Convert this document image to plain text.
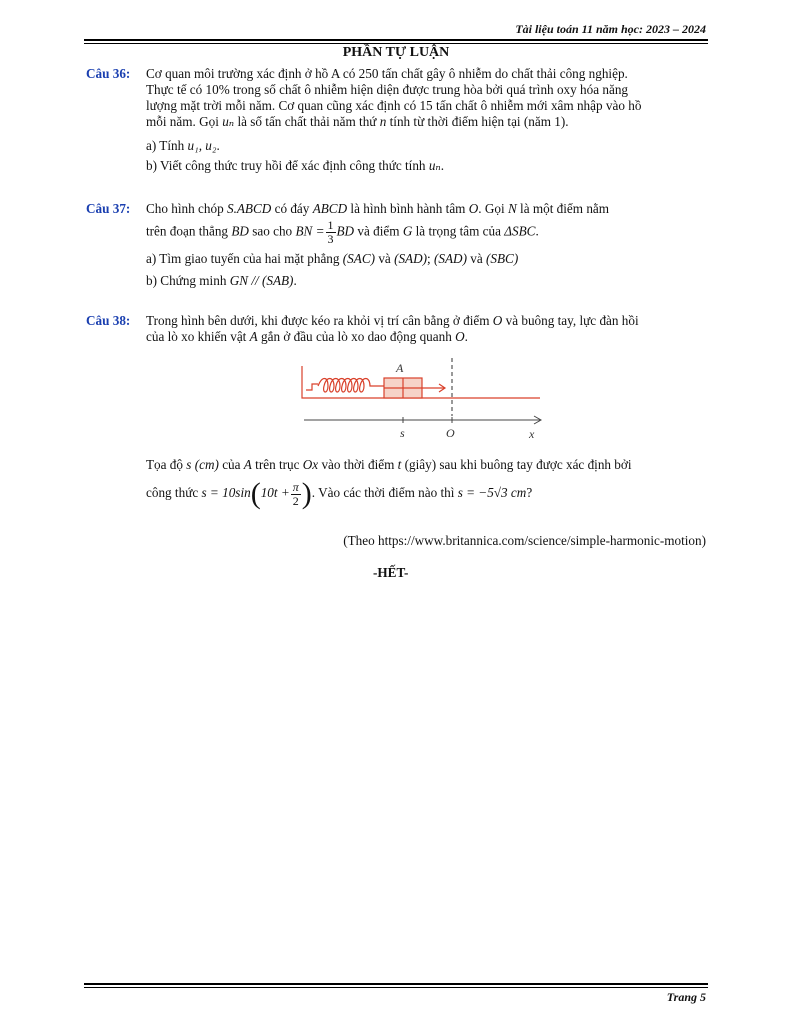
Tài liệu toán 11 năm học: 2023 – 2024
PHẦN TỰ LUẬN
Câu 36: Cơ quan môi trường xác định ở hồ A có 250 tấn chất gây ô nhiễm do chất thải công nghiệp.
Thực tế có 10% trong số chất ô nhiễm hiện diện được trung hòa bởi quá trình oxy hóa năng
lượng mặt trời mỗi năm. Cơ quan cũng xác định có 15 tấn chất ô nhiễm mới xâm nhập vào hồ
mỗi năm. Gọi uₙ là số tấn chất thải năm thứ n tính từ thời điểm hiện tại (năm 1).
a) Tính u₁, u₂.
b) Viết công thức truy hồi để xác định công thức tính uₙ.
Câu 37: Cho hình chóp S.ABCD có đáy ABCD là hình bình hành tâm O. Gọi N là một điểm nằm
trên đoạn thẳng BD sao cho BN = $\frac{1}{3}$ BD và điểm G là trọng tâm của ΔSBC.
a) Tìm giao tuyến của hai mặt phẳng (SAC) và (SAD); (SAD) và (SBC)
b) Chứng minh GN // (SAB).
Câu 38: Trong hình bên dưới, khi được kéo ra khỏi vị trí cân bằng ở điểm O và buông tay, lực đàn hồi
của lò xo khiến vật A gắn ở đầu của lò xo dao động quanh O.
A
s	O	x
Tọa độ s (cm) của A trên trục Ox vào thời điểm t (giây) sau khi buông tay được xác định bởi
công thức $s = 10\sin(10t + \frac{\pi}{2}$ ). Vào các thời điểm nào thì s = −5√3 cm?
(Theo https://www.britannica.com/science/simple-harmonic-motion)
-HẾT-
Trang 5
